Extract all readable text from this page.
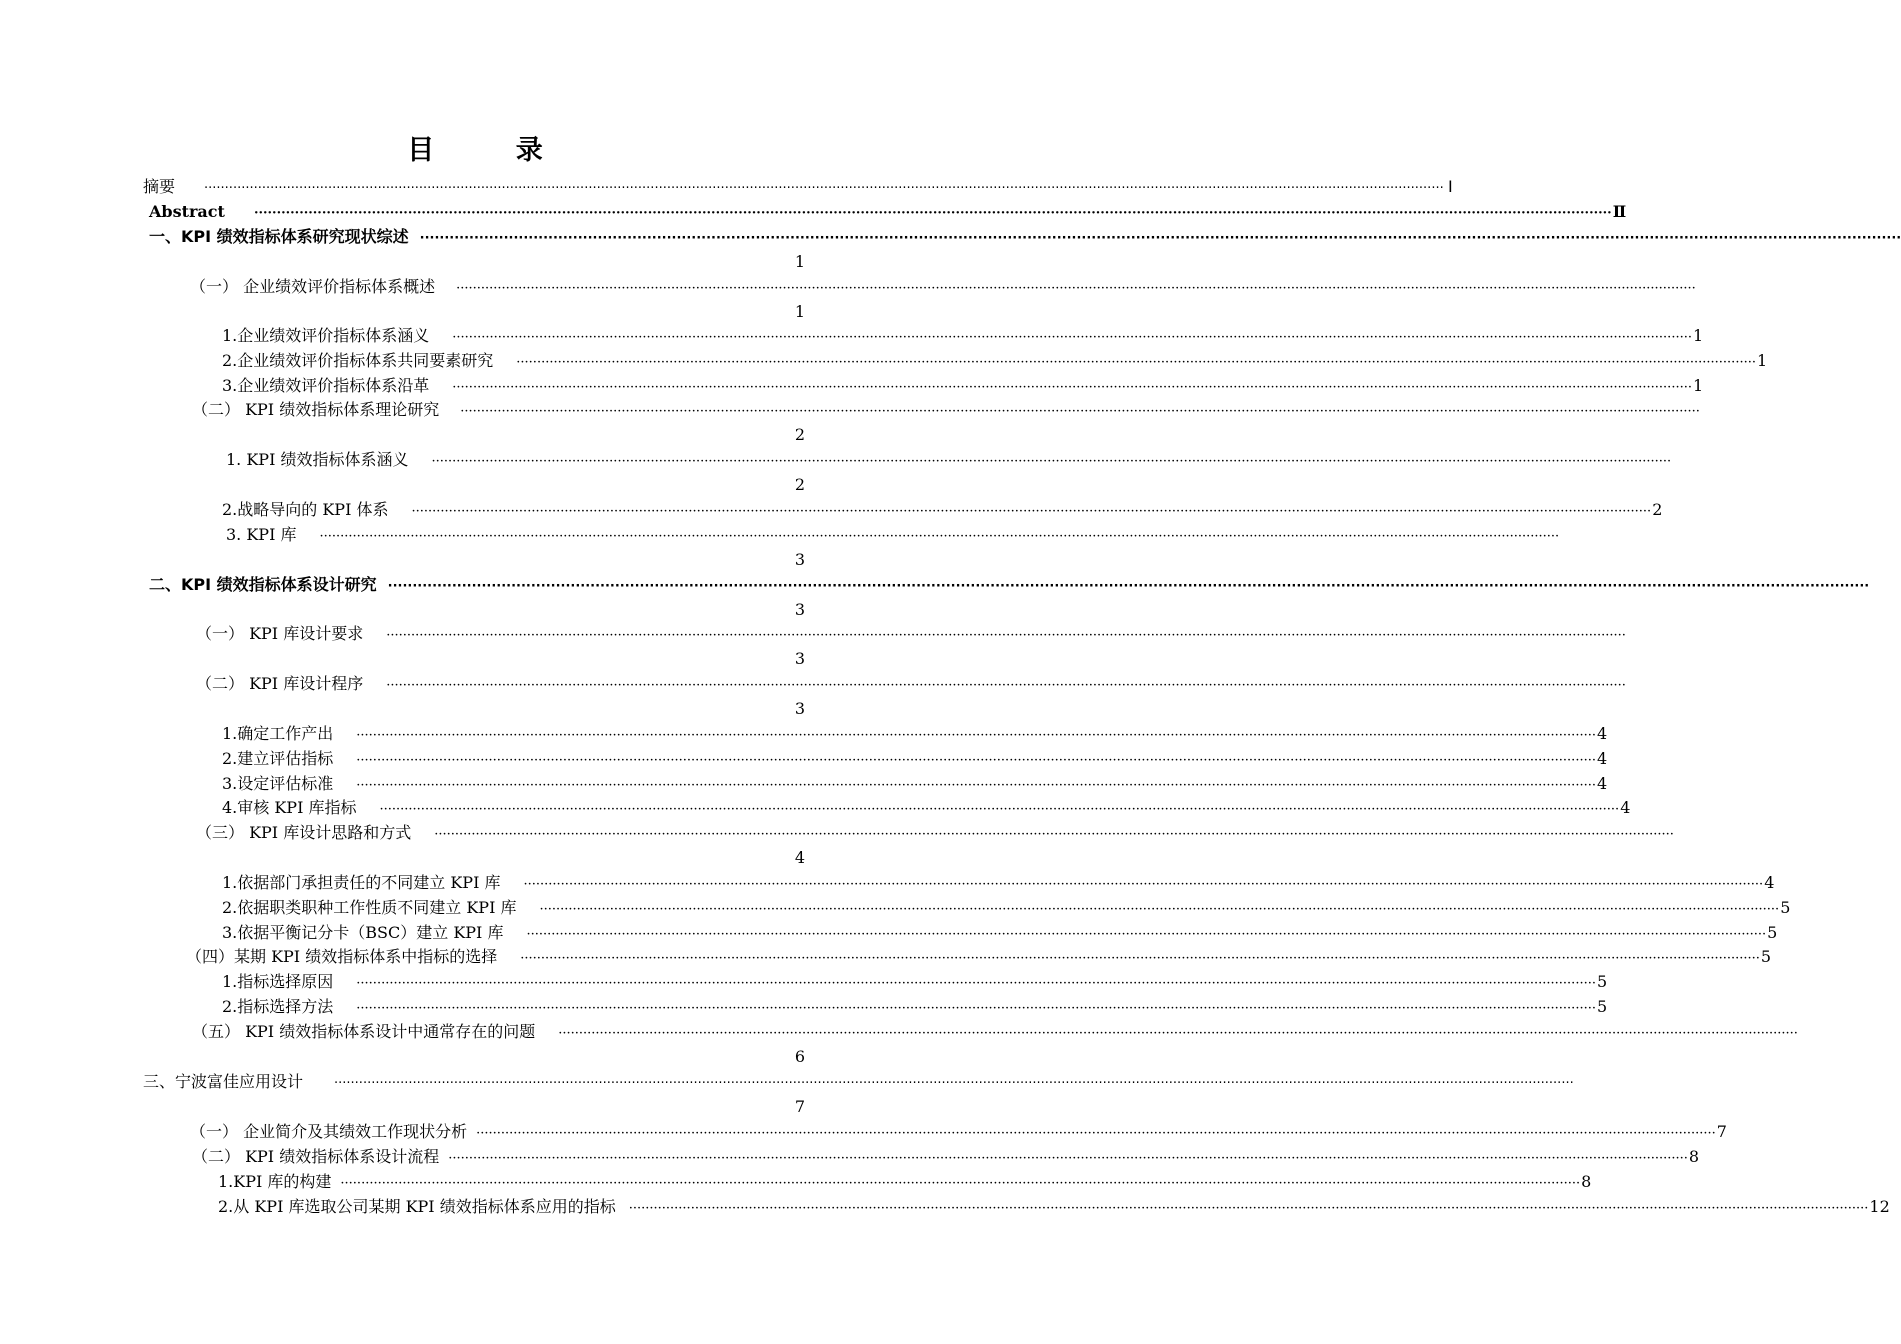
目 录
摘要 ············································································································································································································································································································ Ⅰ
Abstract ············································································································································································································································································································ Ⅱ
一、KPI 绩效指标体系研究现状综述 ············································································································································································································································································································
1
（一） 企业绩效评价指标体系概述 ············································································································································································································································································································
1
1.企业绩效评价指标体系涵义 ············································································································································································································································································································ 1
2.企业绩效评价指标体系共同要素研究 ············································································································································································································································································································ 1
3.企业绩效评价指标体系沿革 ············································································································································································································································································································ 1
（二） KPI 绩效指标体系理论研究 ············································································································································································································································································································
2
1. KPI 绩效指标体系涵义 ············································································································································································································································································································
2
2.战略导向的 KPI 体系 ············································································································································································································································································································ 2
3. KPI 库 ············································································································································································································································································································
3
二、KPI 绩效指标体系设计研究 ············································································································································································································································································································
3
（一） KPI 库设计要求 ············································································································································································································································································································
3
（二） KPI 库设计程序 ············································································································································································································································································································
3
1.确定工作产出 ············································································································································································································································································································ 4
2.建立评估指标 ············································································································································································································································································································ 4
3.设定评估标准 ············································································································································································································································································································ 4
4.审核 KPI 库指标 ············································································································································································································································································································ 4
（三） KPI 库设计思路和方式 ············································································································································································································································································································
4
1.依据部门承担责任的不同建立 KPI 库 ············································································································································································································································································································ 4
2.依据职类职种工作性质不同建立 KPI 库 ············································································································································································································································································································ 5
3.依据平衡记分卡（BSC）建立 KPI 库 ············································································································································································································································································································ 5
（四）某期 KPI 绩效指标体系中指标的选择 ············································································································································································································································································································ 5
1.指标选择原因 ············································································································································································································································································································ 5
2.指标选择方法 ············································································································································································································································································································ 5
（五） KPI 绩效指标体系设计中通常存在的问题 ············································································································································································································································································································
6
三、宁波富佳应用设计 ············································································································································································································································································································
7
（一） 企业简介及其绩效工作现状分析 ············································································································································································································································································································ 7
（二） KPI 绩效指标体系设计流程 ············································································································································································································································································································ 8
1.KPI 库的构建 ············································································································································································································································································································ 8
2.从 KPI 库选取公司某期 KPI 绩效指标体系应用的指标 ············································································································································································································································································································ 12
